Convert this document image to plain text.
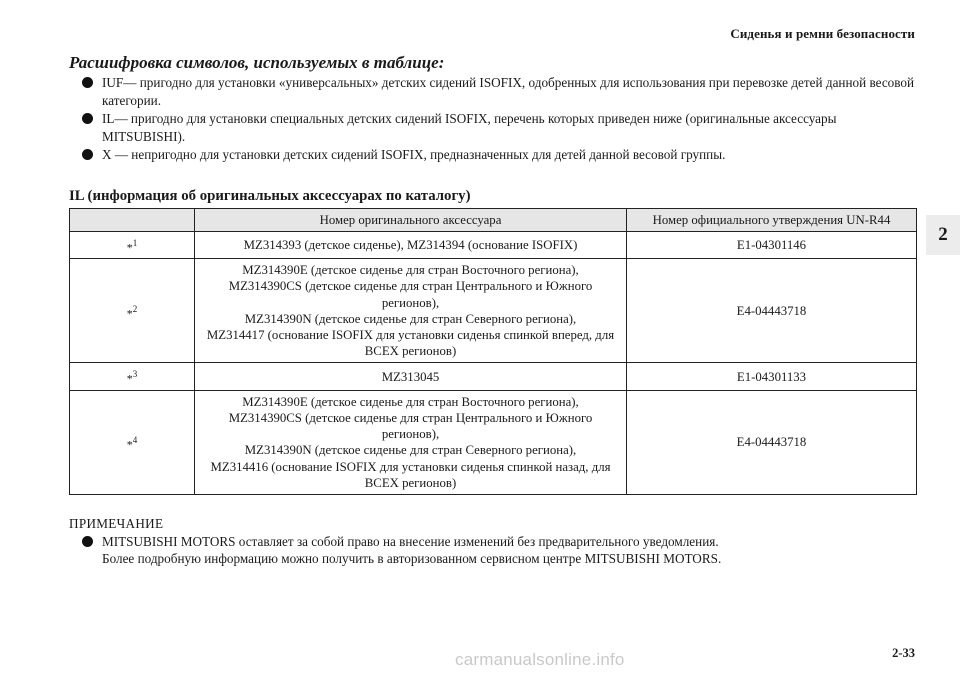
Сиденья и ремни безопасности
2
Расшифровка символов, используемых в таблице:
IUF— пригодно для установки «универсальных» детских сидений ISOFIX, одобренных для использования при перевозке детей данной весовой категории.
IL— пригодно для установки специальных детских сидений ISOFIX, перечень которых приведен ниже (оригинальные аксессуары MITSUBISHI).
X — непригодно для установки детских сидений ISOFIX, предназначенных для детей данной весовой группы.
IL (информация об оригинальных аксессуарах по каталогу)
	Номер оригинального аксессуара	Номер официального утверждения UN-R44
*$^1$	MZ314393 (детское сиденье), MZ314394 (основание ISOFIX)	E1-04301146
*$^2$	MZ314390E (детское сиденье для стран Восточного региона),
MZ314390CS (детское сиденье для стран Центрального и Южного регионов),
MZ314390N (детское сиденье для стран Северного региона),
MZ314417 (основание ISOFIX для установки сиденья спинкой вперед, для ВСЕХ регионов)	E4-04443718
*$^3$	MZ313045	E1-04301133
*$^4$	MZ314390E (детское сиденье для стран Восточного региона),
MZ314390CS (детское сиденье для стран Центрального и Южного регионов),
MZ314390N (детское сиденье для стран Северного региона),
MZ314416 (основание ISOFIX для установки сиденья спинкой назад, для ВСЕХ регионов)	E4-04443718
ПРИМЕЧАНИЕ
MITSUBISHI MOTORS оставляет за собой право на внесение изменений без предварительного уведомления.
Более подробную информацию можно получить в авторизованном сервисном центре MITSUBISHI MOTORS.
2-33
carmanualsonline.info
